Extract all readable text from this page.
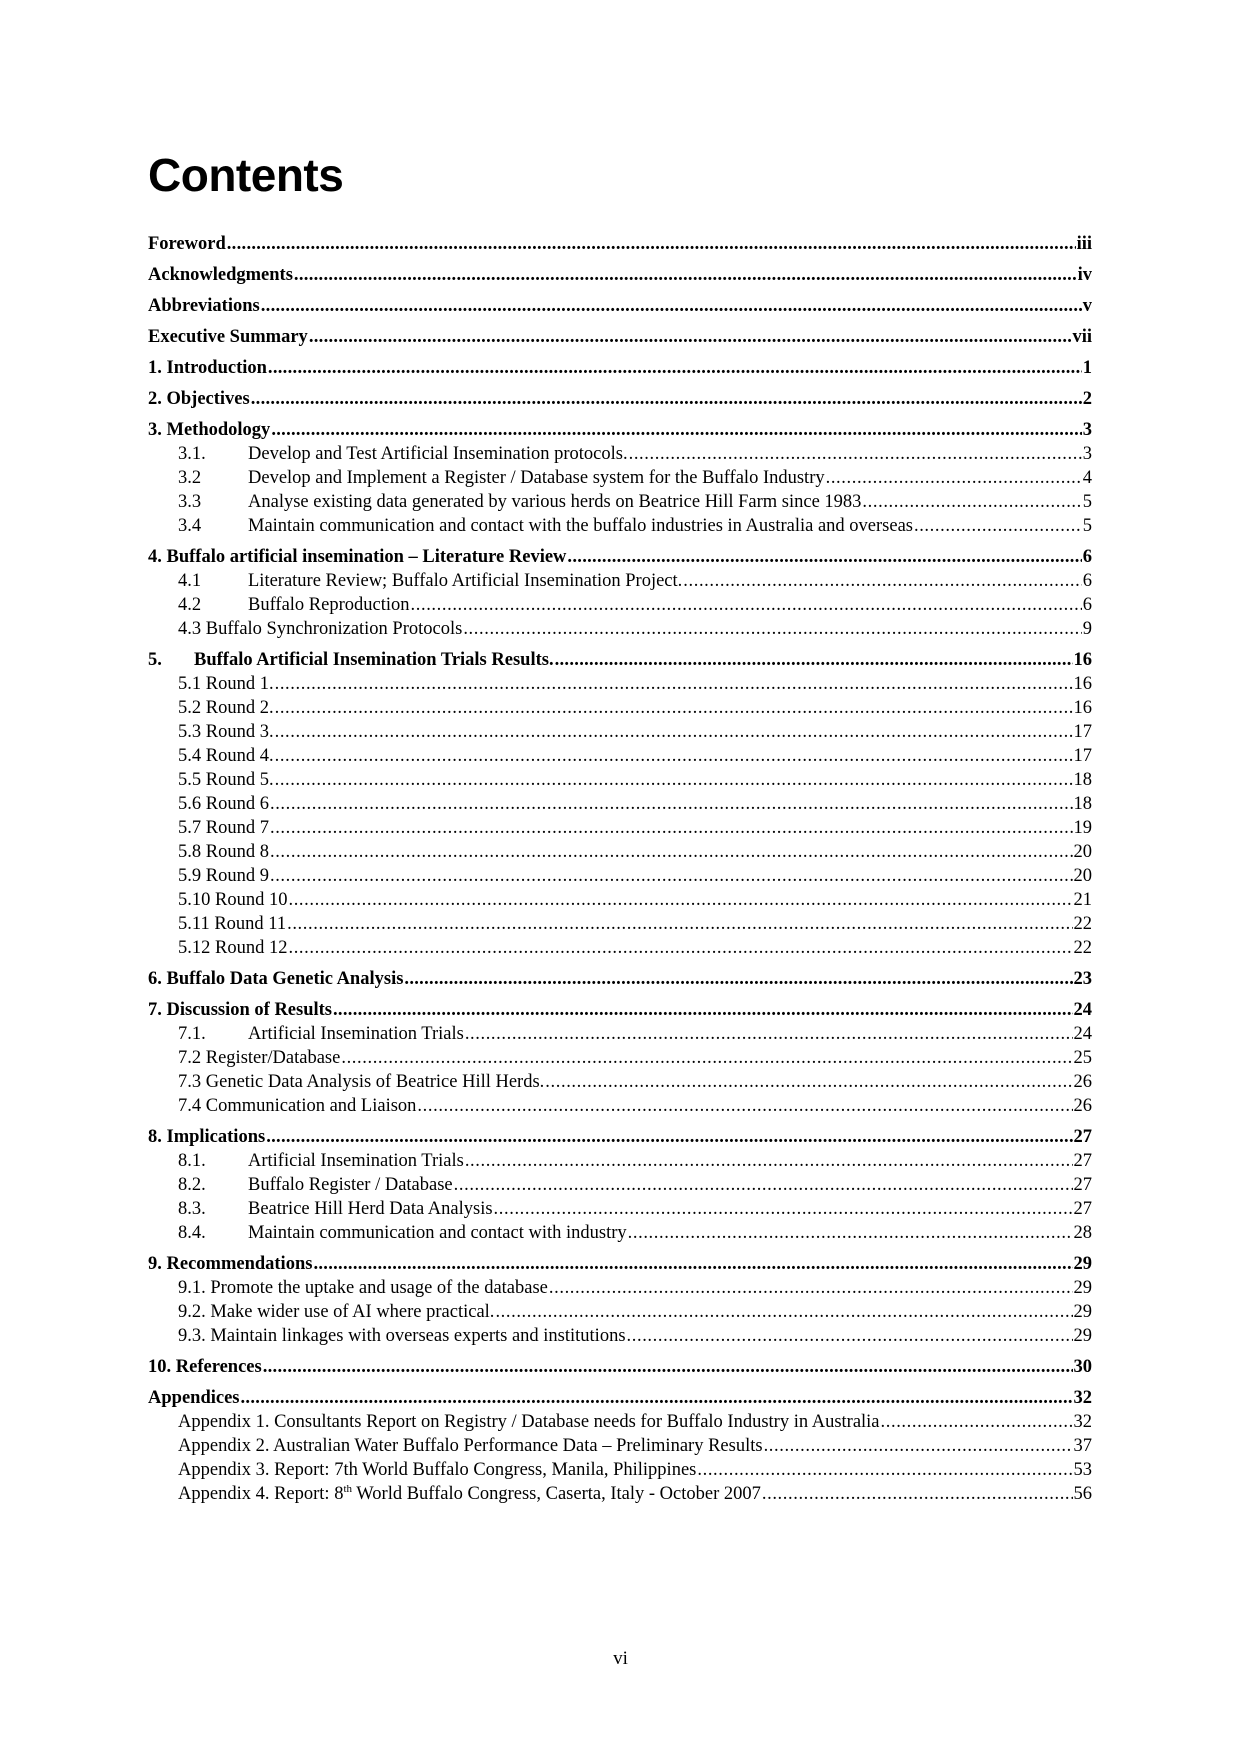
Contents
Foreword .....	iii
Acknowledgments .....	iv
Abbreviations .....	v
Executive Summary .....	vii
1. Introduction .....	1
2. Objectives .....	2
3. Methodology .....	3
3.1.	Develop and Test Artificial Insemination protocols. .....	3
3.2	Develop and Implement a Register / Database system for the Buffalo Industry .....	4
3.3	Analyse existing data generated by various herds on Beatrice Hill Farm since 1983 .....	5
3.4	Maintain communication and contact with the buffalo industries in Australia and overseas .....	5
4. Buffalo artificial insemination – Literature Review .....	6
4.1	Literature Review; Buffalo Artificial Insemination Project. .....	6
4.2	Buffalo Reproduction .....	6
4.3 Buffalo Synchronization Protocols .....	9
5.	Buffalo Artificial Insemination Trials Results. .....	16
5.1 Round 1. .....	16
5.2 Round 2. .....	16
5.3 Round 3. .....	17
5.4 Round 4. .....	17
5.5 Round 5. .....	18
5.6 Round 6 .....	18
5.7 Round 7 .....	19
5.8 Round 8 .....	20
5.9 Round 9 .....	20
5.10 Round 10 .....	21
5.11 Round 11 .....	22
5.12 Round 12 .....	22
6. Buffalo Data Genetic Analysis .....	23
7. Discussion of Results .....	24
7.1.	Artificial Insemination Trials .....	24
7.2 Register/Database .....	25
7.3 Genetic Data Analysis of Beatrice Hill Herds. .....	26
7.4 Communication and Liaison .....	26
8. Implications .....	27
8.1.	Artificial Insemination Trials .....	27
8.2.	Buffalo Register / Database .....	27
8.3.	Beatrice Hill Herd Data Analysis .....	27
8.4.	Maintain communication and contact with industry .....	28
9. Recommendations .....	29
9.1. Promote the uptake and usage of the database .....	29
9.2. Make wider use of AI where practical. .....	29
9.3. Maintain linkages with overseas experts and institutions .....	29
10. References .....	30
Appendices .....	32
Appendix 1. Consultants Report on Registry / Database needs for Buffalo Industry in Australia .....	32
Appendix 2. Australian Water Buffalo Performance Data – Preliminary Results .....	37
Appendix 3. Report: 7th World Buffalo Congress, Manila, Philippines .....	53
Appendix 4. Report: 8th World Buffalo Congress, Caserta, Italy - October 2007 .....	56
vi
